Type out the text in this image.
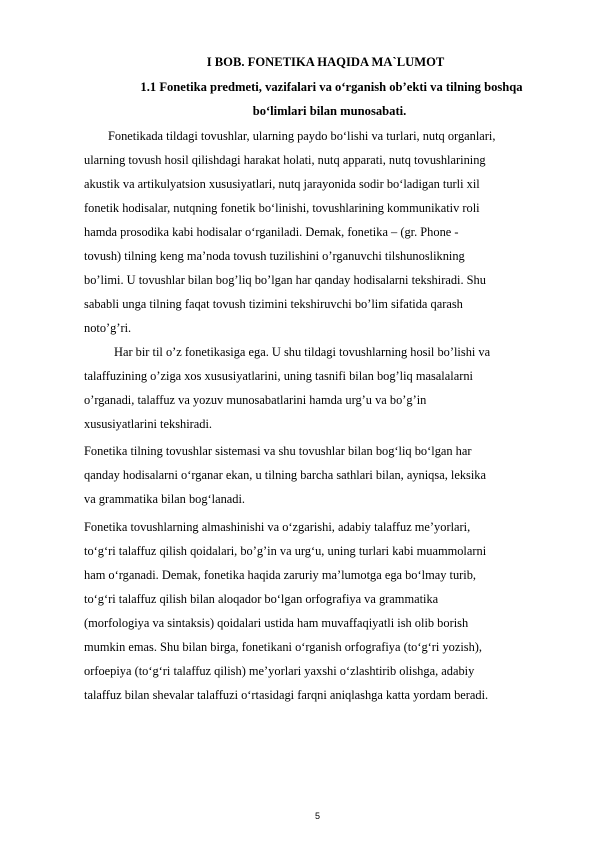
I BOB. FONETIKA HAQIDA MA`LUMOT
1.1 Fonetika predmeti, vazifalari va o‘rganish ob’ekti va tilning boshqa
bo‘limlari bilan munosabati.
Fonetikada tildagi tovushlar, ularning paydo bo‘lishi va turlari, nutq organlari,
ularning tovush hosil qilishdagi harakat holati, nutq apparati, nutq tovushlarining
akustik va artikulyatsion xususiyatlari, nutq jarayonida sodir bo‘ladigan turli xil
fonetik hodisalar, nutqning fonetik bo‘linishi, tovushlarining kommunikativ roli
hamda prosodika kabi hodisalar o‘rganiladi. Demak, fonetika – (gr. Phone -
tovush) tilning keng ma’noda tovush tuzilishini o’rganuvchi tilshunoslikning
bo’limi. U tovushlar bilan bog’liq bo’lgan har qanday hodisalarni tekshiradi. Shu
sababli unga tilning faqat tovush tizimini tekshiruvchi bo’lim sifatida qarash
noto’g’ri.
Har bir til o’z fonetikasiga ega. U shu tildagi tovushlarning hosil bo’lishi va
talaffuzining o’ziga xos xususiyatlarini, uning tasnifi bilan bog’liq masalalarni
o’rganadi, talaffuz va yozuv munosabatlarini hamda urg’u va bo’g’in
xususiyatlarini tekshiradi.
Fonetika tilning tovushlar sistemasi va shu tovushlar bilan bog‘liq bo‘lgan har
qanday hodisalarni o‘rganar ekan, u tilning barcha sathlari bilan, ayniqsa, leksika
va grammatika bilan bog‘lanadi.
Fonetika tovushlarning almashinishi va o‘zgarishi, adabiy talaffuz me’yorlari,
to‘g‘ri talaffuz qilish qoidalari, bo’g’in va urg‘u, uning turlari kabi muammolarni
ham o‘rganadi. Demak, fonetika haqida zaruriy ma’lumotga ega bo‘lmay turib,
to‘g‘ri talaffuz qilish bilan aloqador bo‘lgan orfografiya va grammatika
(morfologiya va sintaksis) qoidalari ustida ham muvaffaqiyatli ish olib borish
mumkin emas. Shu bilan birga, fonetikani o‘rganish orfografiya (to‘g‘ri yozish),
orfoepiya (to‘g‘ri talaffuz qilish) me’yorlari yaxshi o‘zlashtirib olishga, adabiy
talaffuz bilan shevalar talaffuzi o‘rtasidagi farqni aniqlashga katta yordam beradi.
5
